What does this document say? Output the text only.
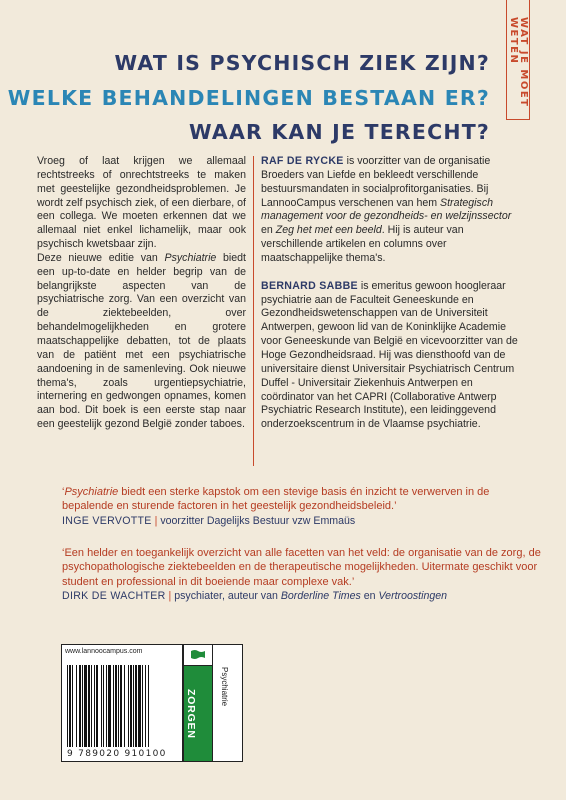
WAT JE MOET
WETEN
WAT IS PSYCHISCH ZIEK ZIJN?
WELKE BEHANDELINGEN BESTAAN ER?
WAAR KAN JE TERECHT?

Vroeg of laat krijgen we allemaal rechtstreeks of onrechtstreeks te maken met geestelijke gezondheidsproblemen. Je wordt zelf psychisch ziek, of een dierbare, of een collega. We moeten erkennen dat we allemaal niet enkel lichamelijk, maar ook psychisch kwetsbaar zijn.

Deze nieuwe editie van Psychiatrie biedt een up-to-date en helder begrip van de belangrijkste aspecten van de psychiatrische zorg. Van een overzicht van de ziektebeelden, over behandelmogelijkheden en grotere maatschappelijke debatten, tot de plaats van de patiënt met een psychiatrische aandoening in de samenleving. Ook nieuwe thema's, zoals urgentiepsychiatrie, internering en gedwongen opnames, komen aan bod. Dit boek is een eerste stap naar een geestelijk gezond België zonder taboes.

RAF DE RYCKE is voorzitter van de organisatie Broeders van Liefde en bekleedt verschillende bestuursmandaten in socialprofitorganisaties. Bij LannooCampus verschenen van hem Strategisch management voor de gezondheids- en welzijnssector en Zeg het met een beeld. Hij is auteur van verschillende artikelen en columns over maatschappelijke thema's.

BERNARD SABBE is emeritus gewoon hoogleraar psychiatrie aan de Faculteit Geneeskunde en Gezondheidswetenschappen van de Universiteit Antwerpen, gewoon lid van de Koninklijke Academie voor Geneeskunde van België en vicevoorzitter van de Hoge Gezondheidsraad. Hij was diensthoofd van de universitaire dienst Universitair Psychiatrisch Centrum Duffel - Universitair Ziekenhuis Antwerpen en coördinator van het CAPRI (Collaborative Antwerp Psychiatric Research Institute), een leidinggevend onderzoekscentrum in de Vlaamse psychiatrie.

‘Psychiatrie biedt een sterke kapstok om een stevige basis én inzicht te verwerven in de bepalende en sturende factoren in het geestelijk gezondheidsbeleid.’
INGE VERVOTTE | voorzitter Dagelijks Bestuur vzw Emmaüs
‘Een helder en toegankelijk overzicht van alle facetten van het veld: de organisatie van de zorg, de psychopathologische ziektebeelden en de therapeutische mogelijkheden. Uitermate geschikt voor student en professional in dit boeiende maar complexe vak.’
DIRK DE WACHTER | psychiater, auteur van Borderline Times en Vertroostingen
www.lannoocampus.com
9 789020 910100
ZORGEN
Psychiatrie
